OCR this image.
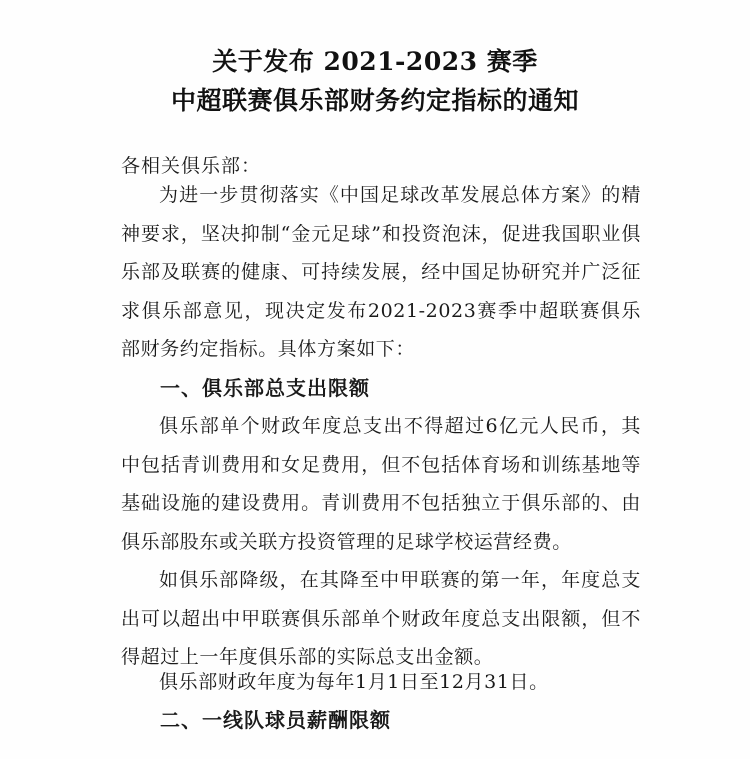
关于发布 2021-2023 赛季
中超联赛俱乐部财务约定指标的通知
各相关俱乐部：
为进一步贯彻落实《中国足球改革发展总体方案》的精神要求，坚决抑制“金元足球”和投资泡沫，促进我国职业俱乐部及联赛的健康、可持续发展，经中国足协研究并广泛征求俱乐部意见，现决定发布2021-2023赛季中超联赛俱乐部财务约定指标。具体方案如下：
一、俱乐部总支出限额
俱乐部单个财政年度总支出不得超过6亿元人民币，其中包括青训费用和女足费用，但不包括体育场和训练基地等基础设施的建设费用。青训费用不包括独立于俱乐部的、由俱乐部股东或关联方投资管理的足球学校运营经费。
如俱乐部降级，在其降至中甲联赛的第一年，年度总支出可以超出中甲联赛俱乐部单个财政年度总支出限额，但不得超过上一年度俱乐部的实际总支出金额。
俱乐部财政年度为每年1月1日至12月31日。
二、一线队球员薪酬限额
